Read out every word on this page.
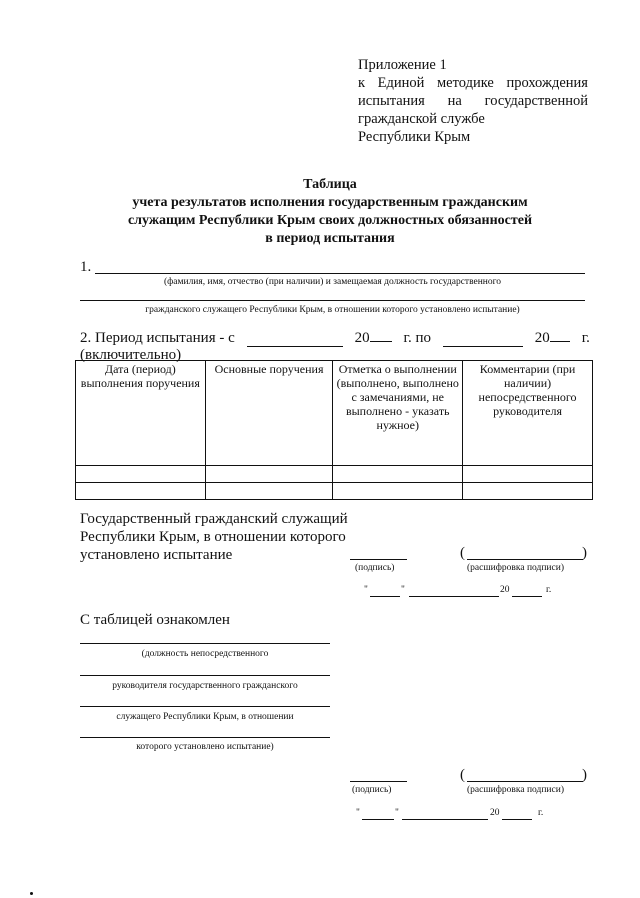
Приложение 1
к Единой методике прохождения
испытания на государственной
гражданской службе
Республики Крым
Таблица
учета результатов исполнения государственным гражданским
служащим Республики Крым своих должностных обязанностей
в период испытания
1.
(фамилия, имя, отчество (при наличии) и замещаемая должность государственного
гражданского служащего Республики Крым, в отношении которого установлено испытание)
2. Период испытания - с	20	г. по	20	г.
(включительно)
Дата (период) выполнения поручения	Основные поручения	Отметка о выполнении (выполнено, выполнено с замечаниями, не выполнено - указать нужное)	Комментарии (при наличии) непосредственного руководителя

Государственный гражданский служащий
Республики Крым, в отношении которого
установлено испытание
(подпись)
(	)
(расшифровка подписи)
"	"	20	г.
С таблицей ознакомлен
(должность непосредственного
руководителя государственного гражданского
служащего Республики Крым, в отношении
которого установлено испытание)
(подпись)
(	)
(расшифровка подписи)
"	"	20	г.
